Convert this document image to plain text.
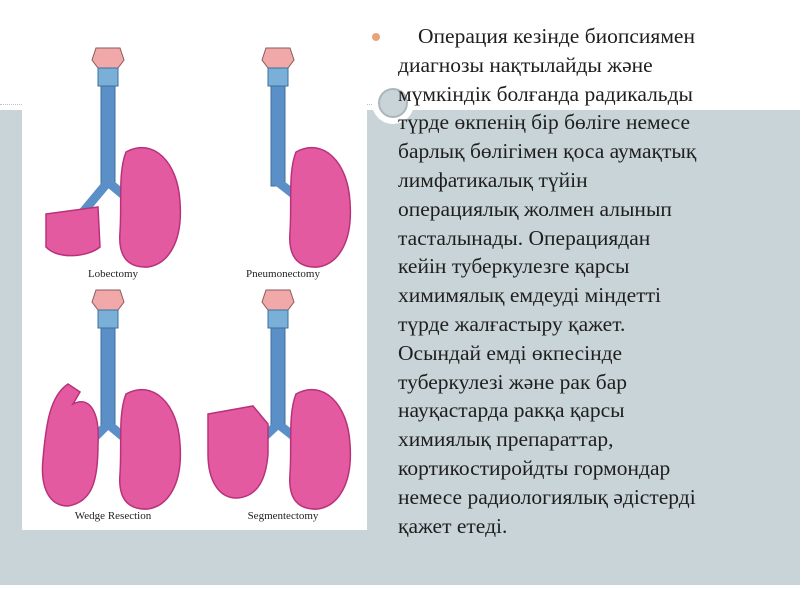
Lobectomy	Pneumonectomy
Wedge Resection	Segmentectomy

Операция кезінде биопсиямен
диагнозы нақтылайды және
мүмкіндік болғанда радикальды
түрде өкпенің бір бөліге немесе
барлық бөлігімен қоса аумақтық
лимфатикалық түйін
операциялық жолмен алынып
тасталынады. Операциядан
кейін туберкулезге қарсы
химимялық емдеуді міндетті
түрде жалғастыру қажет.
Осындай емді өкпесінде
туберкулезі және рак бар
науқастарда ракқа қарсы
химиялық препараттар,
кортикостиройдты гормондар
немесе радиологиялық әдістерді
қажет етеді.
